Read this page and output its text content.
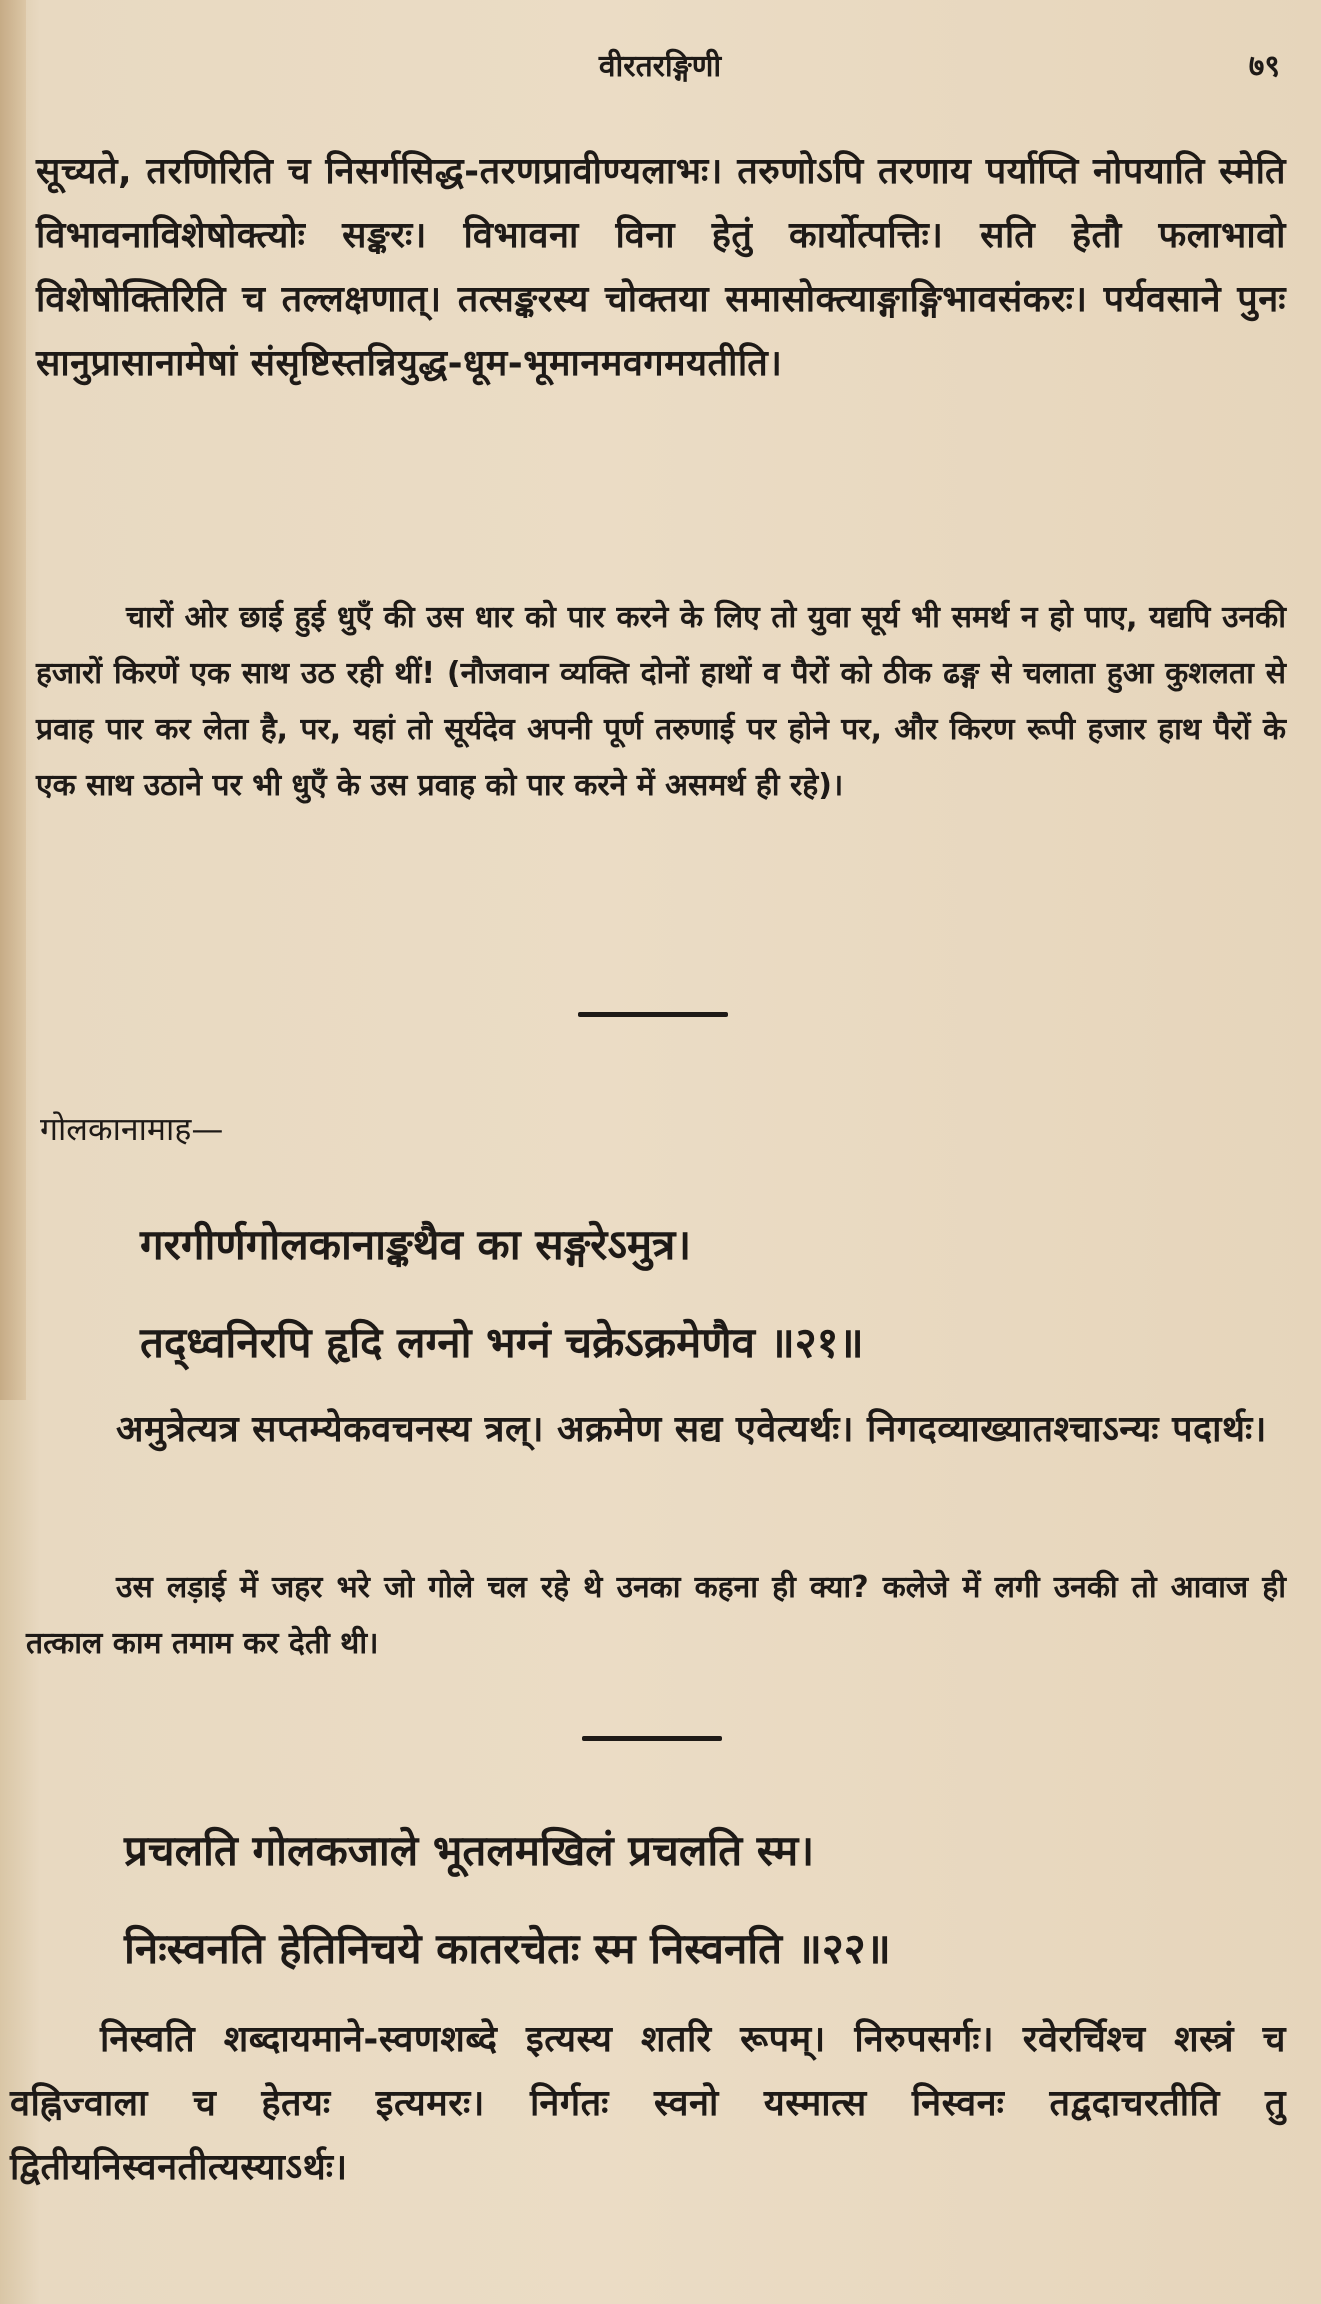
वीरतरङ्गिणी	७९

सूच्यते, तरणिरिति च निसर्गसिद्ध-तरणप्रावीण्यलाभः। तरुणोऽपि तरणाय पर्याप्ति नोपयाति स्मेति विभावनाविशेषोक्त्योः सङ्करः। विभावना विना हेतुं कार्योत्पत्तिः। सति हेतौ फलाभावो विशेषोक्तिरिति च तल्लक्षणात्। तत्सङ्करस्य चोक्तया समासोक्त्याङ्गाङ्गिभावसंकरः। पर्यवसाने पुनः सानुप्रासानामेषां संसृष्टिस्तन्नियुद्ध-धूम-भूमानमवगमयतीति।

चारों ओर छाई हुई धुएँ की उस धार को पार करने के लिए तो युवा सूर्य भी समर्थ न हो पाए, यद्यपि उनकी हजारों किरणें एक साथ उठ रही थीं! (नौजवान व्यक्ति दोनों हाथों व पैरों को ठीक ढङ्ग से चलाता हुआ कुशलता से प्रवाह पार कर लेता है, पर, यहां तो सूर्यदेव अपनी पूर्ण तरुणाई पर होने पर, और किरण रूपी हजार हाथ पैरों के एक साथ उठाने पर भी धुएँ के उस प्रवाह को पार करने में असमर्थ ही रहे)।

गोलकानामाह—

गरगीर्णगोलकानाङ्कथैव का सङ्गरेऽमुत्र।
तद्ध्वनिरपि हृदि लग्नो भग्नं चक्रेऽक्रमेणैव ॥२१॥

अमुत्रेत्यत्र सप्तम्येकवचनस्य त्रल्। अक्रमेण सद्य एवेत्यर्थः। निगदव्याख्यातश्चाऽन्यः पदार्थः।

उस लड़ाई में जहर भरे जो गोले चल रहे थे उनका कहना ही क्या? कलेजे में लगी उनकी तो आवाज ही तत्काल काम तमाम कर देती थी।

प्रचलति गोलकजाले भूतलमखिलं प्रचलति स्म।
निःस्वनति हेतिनिचये कातरचेतः स्म निस्वनति ॥२२॥

निस्वति शब्दायमाने-स्वणशब्दे इत्यस्य शतरि रूपम्। निरुपसर्गः। रवेरर्चिश्च शस्त्रं च वह्निज्वाला च हेतयः इत्यमरः। निर्गतः स्वनो यस्मात्स निस्वनः तद्वदाचरतीति तु द्वितीयनिस्वनतीत्यस्याऽर्थः।
